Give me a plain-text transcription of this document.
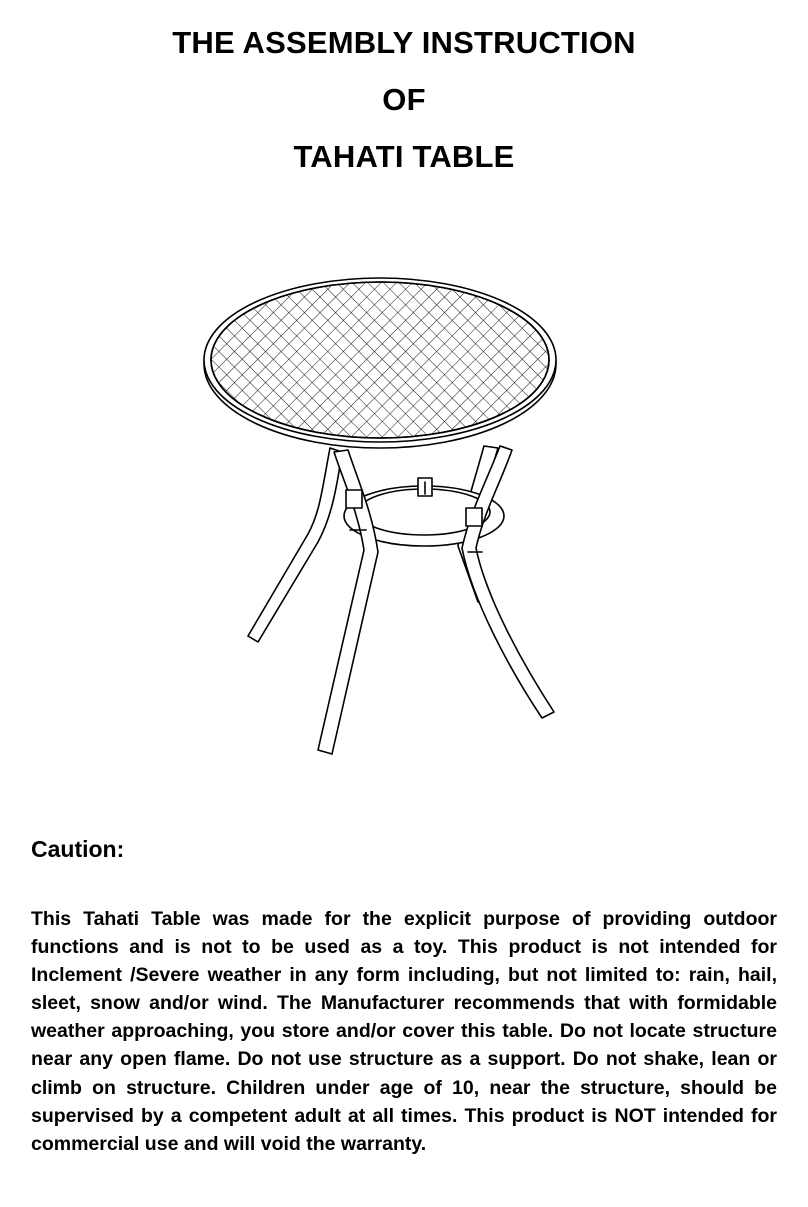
THE ASSEMBLY INSTRUCTION

OF

TAHATI TABLE

Caution:

This Tahati Table was made for the explicit purpose of providing outdoor functions and is not to be used as a toy. This product is not intended for Inclement /Severe weather in any form including, but not limited to: rain, hail, sleet, snow and/or wind. The Manufacturer recommends that with formidable weather approaching, you store and/or cover this table. Do not locate structure near any open flame. Do not use structure as a support. Do not shake, lean or climb on structure. Children under age of 10, near the structure, should be supervised by a competent adult at all times. This product is NOT intended for commercial use and will void the warranty.
